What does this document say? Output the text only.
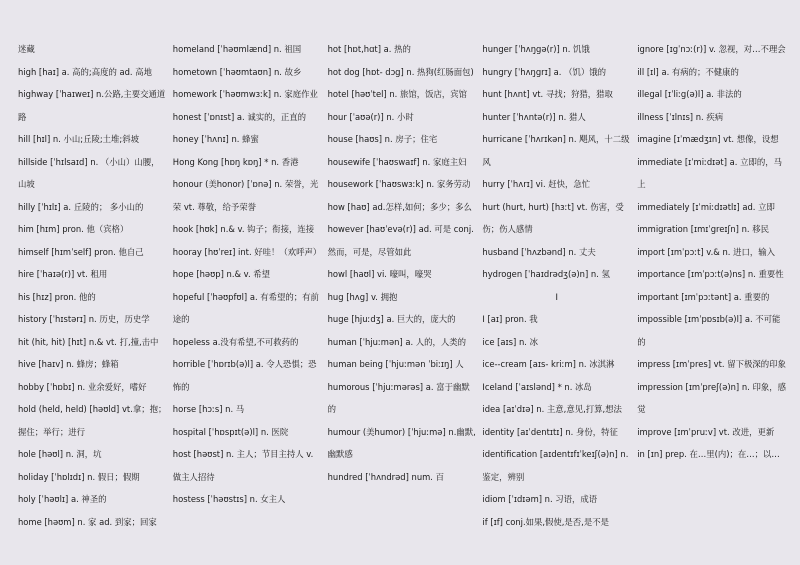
迷藏
high [haɪ] a. 高的;高度的 ad. 高地
highway [ˈhaɪweɪ] n.公路,主要交通道路
hill [hɪl] n. 小山;丘陵;土堆;斜坡
hillside [ˈhɪlsaɪd] n. （小山）山腰，山坡
hilly [ˈhɪlɪ] a. 丘陵的； 多小山的
him [hɪm] pron. 他（宾格）
himself [hɪmˈself] pron. 他自己
hire [ˈhaɪə(r)] vt. 租用
his [hɪz] pron. 他的
history [ˈhɪstərɪ] n. 历史，历史学
hit (hit, hit) [hɪt] n.& vt. 打,撞,击中
hive [haɪv] n. 蜂房；蜂箱
hobby [ˈhɒbɪ] n. 业余爱好，嗜好
hold (held, held) [həʊld] vt.拿；抱；握住；举行；进行
hole [həʊl] n. 洞，坑
holiday [ˈhɒlɪdɪ] n. 假日；假期
holy [ˈhəʊlɪ] a. 神圣的
home [həʊm] n. 家 ad. 到家；回家
homeland [ˈhəʊmlænd] n. 祖国
hometown [ˈhəʊmtaʊn] n. 故乡
homework [ˈhəʊmwɜːk] n. 家庭作业
honest [ˈɒnɪst] a. 诚实的，正直的
honey [ˈhʌnɪ] n. 蜂蜜
Hong Kong [hɒŋ kɒŋ] * n. 香港
honour (美honor) [ˈɒnə] n. 荣誉，光荣 vt. 尊敬，给予荣誉
hook [hʊk] n.& v. 钩子；衔接，连接
hooray [hʊˈreɪ] int. 好哇！（欢呼声）
hope [həʊp] n.& v. 希望
hopeful [ˈhəʊpfʊl] a. 有希望的；有前途的
hopeless a.没有希望,不可救药的
horrible [ˈhɒrɪb(ə)l] a. 令人恐惧；恐怖的
horse [hɔːs] n. 马
hospital [ˈhɒspɪt(ə)l] n. 医院
host [həʊst] n. 主人；节目主持人 v. 做主人招待
hostess [ˈhəʊstɪs] n. 女主人
hot [hɒt,hɑt] a. 热的
hot dog [hɒt- dɔg] n. 热狗(红肠面包)
hotel [həʊˈtel] n. 旅馆，饭店，宾馆
hour [ˈaʊə(r)] n. 小时
house [haʊs] n. 房子；住宅
housewife [ˈhaʊswaɪf] n. 家庭主妇
housework [ˈhaʊswɜːk] n. 家务劳动
how [haʊ] ad.怎样,如何；多少；多么
however [haʊˈevə(r)] ad. 可是 conj. 然而，可是，尽管如此
howl [haʊl] vi. 嚎叫，嚎哭
hug [hʌg] v. 拥抱
huge [hjuːdʒ] a. 巨大的，庞大的
human [ˈhjuːmən] a. 人的，人类的
human being [ˈhjuːmən ˈbiːɪŋ] 人
humorous [ˈhjuːmərəs] a. 富于幽默的
humour (美humor) [ˈhjuːmə] n.幽默,幽默感
hundred [ˈhʌndrəd] num. 百
hunger [ˈhʌŋgə(r)] n. 饥饿
hungry [ˈhʌŋgrɪ] a. （饥）饿的
hunt [hʌnt] vt. 寻找；狩猎，猎取
hunter [ˈhʌntə(r)] n. 猎人
hurricane [ˈhʌrɪkən] n. 飓风，十二级风
hurry [ˈhʌrɪ] vi. 赶快，急忙
hurt (hurt, hurt) [hɜːt] vt. 伤害，受伤；伤人感情
husband [ˈhʌzbənd] n. 丈夫
hydrogen [ˈhaɪdrədʒ(ə)n] n. 氢
I
I [aɪ] pron. 我
ice [aɪs] n. 冰
ice--cream [aɪs- kriːm] n. 冰淇淋
Iceland [ˈaɪslənd] * n. 冰岛
idea [aɪˈdɪə] n. 主意,意见,打算,想法
identity [aɪˈdentɪtɪ] n. 身份，特征
identification [aɪdentɪfɪˈkeɪʃ(ə)n] n. 鉴定，辨别
idiom [ˈɪdɪəm] n. 习语，成语
if [ɪf] conj.如果,假使,是否,是不是
ignore [ɪgˈnɔː(r)] v. 忽视，对…不理会
ill [ɪl] a. 有病的；不健康的
illegal [ɪˈliːg(ə)l] a. 非法的
illness [ˈɪlnɪs] n. 疾病
imagine [ɪˈmædʒɪn] vt. 想像，设想
immediate [ɪˈmiːdɪət] a. 立即的，马上
immediately [ɪˈmiːdɪətlɪ] ad. 立即
immigration [ɪmɪˈgreɪʃn] n. 移民
import [ɪmˈpɔːt] v.& n. 进口，输入
importance [ɪmˈpɔːt(ə)ns] n. 重要性
important [ɪmˈpɔːtənt] a. 重要的
impossible [ɪmˈpɒsɪb(ə)l] a. 不可能的
impress [ɪmˈpres] vt. 留下极深的印象
impression [ɪmˈpreʃ(ə)n] n. 印象，感觉
improve [ɪmˈpruːv] vt. 改进，更新
in [ɪn] prep. 在…里(内)；在…；以…
